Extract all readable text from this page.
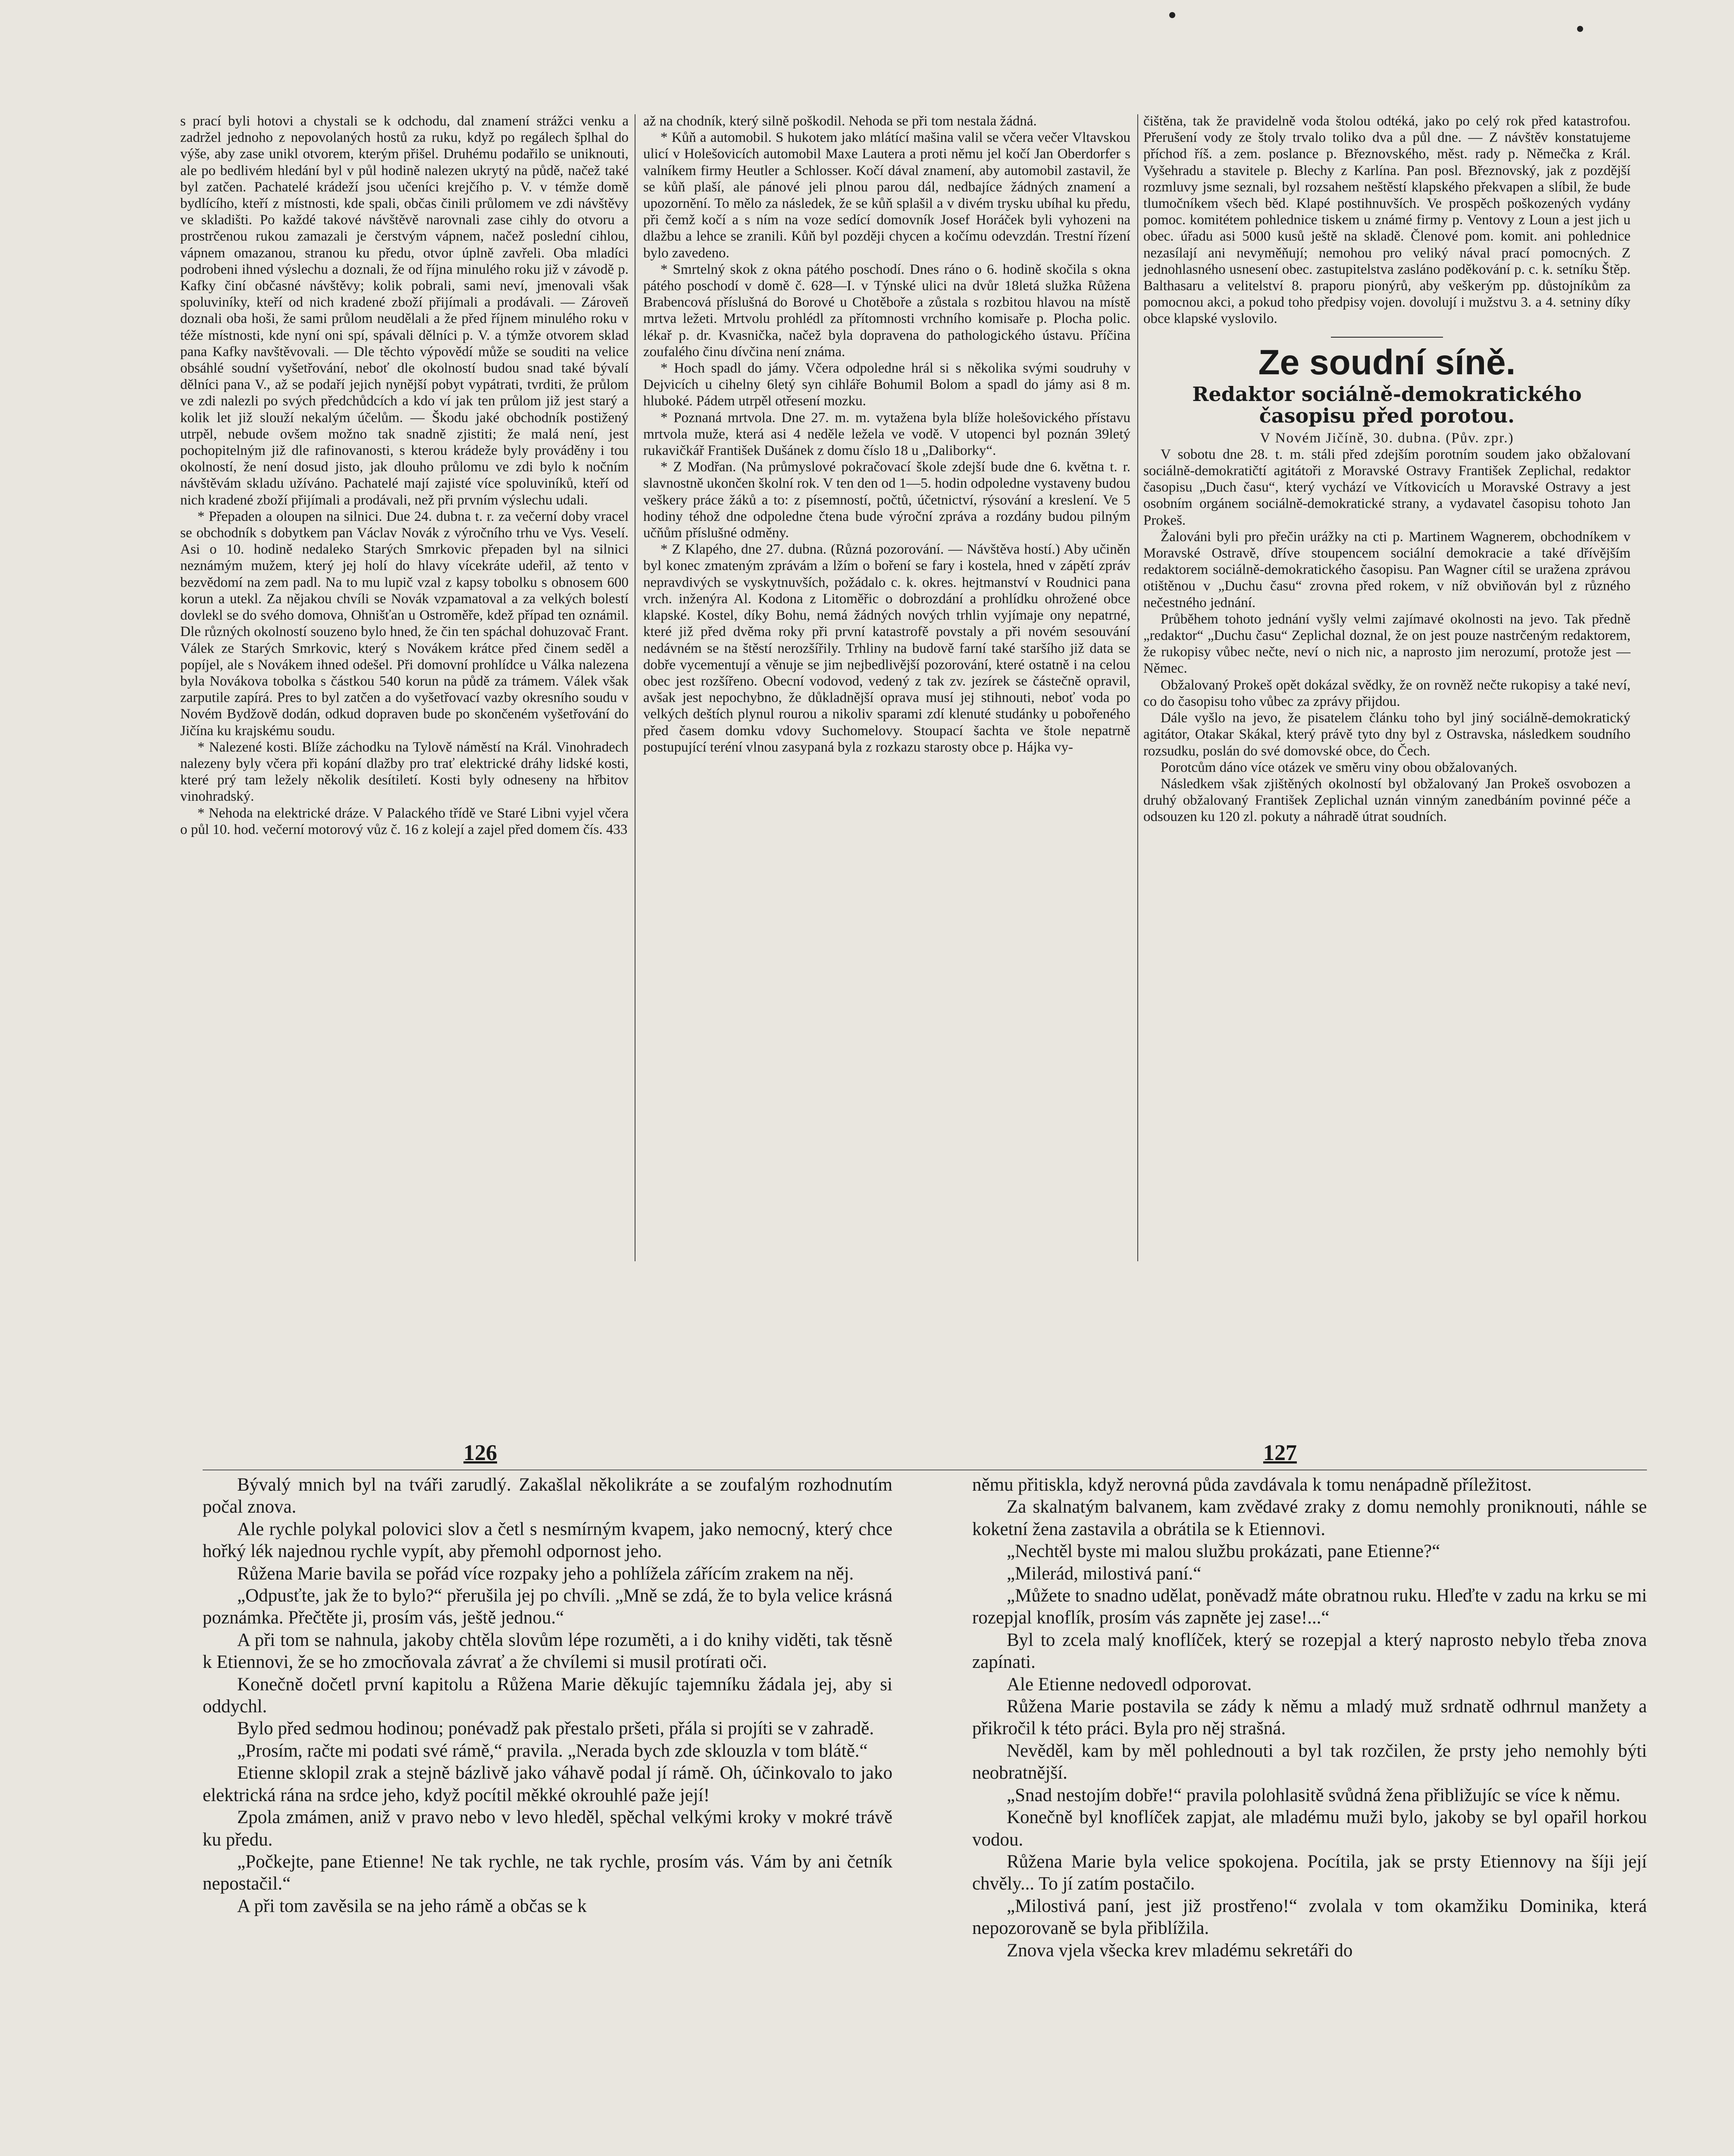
s prací byli hotovi a chystali se k odchodu, dal znamení strážci venku a zadržel jednoho z nepovolaných hostů za ruku, když po regálech šplhal do výše, aby zase unikl otvorem, kterým přišel. Druhému podařilo se uniknouti, ale po bedlivém hledání byl v půl hodině nalezen ukrytý na půdě, načež také byl zatčen. Pachatelé krádeží jsou učeníci krejčího p. V. v témže domě bydlícího, kteří z místnosti, kde spali, občas činili průlomem ve zdi návštěvy ve skladišti. Po každé takové návštěvě narovnali zase cihly do otvoru a prostrčenou rukou zamazali je čerstvým vápnem, načež poslední cihlou, vápnem omazanou, stranou ku předu, otvor úplně zavřeli. Oba mladíci podrobeni ihned výslechu a doznali, že od října minulého roku již v závodě p. Kafky činí občasné návštěvy; kolik pobrali, sami neví, jmenovali však spoluviníky, kteří od nich kradené zboží přijímali a prodávali. — Zároveň doznali oba hoši, že sami průlom neudělali a že před říjnem minulého roku v téže místnosti, kde nyní oni spí, spávali dělníci p. V. a týmže otvorem sklad pana Kafky navštěvovali. — Dle těchto výpovědí může se souditi na velice obsáhlé soudní vyšetřování, neboť dle okolností budou snad také bývalí dělníci pana V., až se podaří jejich nynější pobyt vypátrati, tvrditi, že průlom ve zdi nalezli po svých předchůdcích a kdo ví jak ten průlom již jest starý a kolik let již slouží nekalým účelům. — Škodu jaké obchodník postižený utrpěl, nebude ovšem možno tak snadně zjistiti; že malá není, jest pochopitelným již dle rafinovanosti, s kterou krádeže byly prováděny i tou okolností, že není dosud jisto, jak dlouho průlomu ve zdi bylo k nočním návštěvám skladu užíváno. Pachatelé mají zajisté více spoluviníků, kteří od nich kradené zboží přijímali a prodávali, než při prvním výslechu udali.

* Přepaden a oloupen na silnici. Due 24. dubna t. r. za večerní doby vracel se obchodník s dobytkem pan Václav Novák z výročního trhu ve Vys. Veselí. Asi o 10. hodině nedaleko Starých Smrkovic přepaden byl na silnici neznámým mužem, který jej holí do hlavy vícekráte udeřil, až tento v bezvědomí na zem padl. Na to mu lupič vzal z kapsy tobolku s obnosem 600 korun a utekl. Za nějakou chvíli se Novák vzpamatoval a za velkých bolestí dovlekl se do svého domova, Ohnišťan u Ostroměře, kdež případ ten oznámil. Dle různých okolností souzeno bylo hned, že čin ten spáchal dohuzovač Frant. Válek ze Starých Smrkovic, který s Novákem krátce před činem seděl a popíjel, ale s Novákem ihned odešel. Při domovní prohlídce u Válka nalezena byla Novákova tobolka s částkou 540 korun na půdě za trámem. Válek však zarputile zapírá. Pres to byl zatčen a do vyšetřovací vazby okresního soudu v Novém Bydžově dodán, odkud dopraven bude po skončeném vyšetřování do Jičína ku krajskému soudu.

* Nalezené kosti. Blíže záchodku na Tylově náměstí na Král. Vinohradech nalezeny byly včera při kopání dlažby pro trať elektrické dráhy lidské kosti, které prý tam ležely několik desítiletí. Kosti byly odneseny na hřbitov vinohradský.

* Nehoda na elektrické dráze. V Palackého třídě ve Staré Libni vyjel včera o půl 10. hod. večerní motorový vůz č. 16 z kolejí a zajel před domem čís. 433

až na chodník, který silně poškodil. Nehoda se při tom nestala žádná.

* Kůň a automobil. S hukotem jako mlátící mašina valil se včera večer Vltavskou ulicí v Holešovicích automobil Maxe Lautera a proti němu jel kočí Jan Oberdorfer s valníkem firmy Heutler a Schlosser. Kočí dával znamení, aby automobil zastavil, že se kůň plaší, ale pánové jeli plnou parou dál, nedbajíce žádných znamení a upozornění. To mělo za následek, že se kůň splašil a v divém trysku ubíhal ku předu, při čemž kočí a s ním na voze sedící domovník Josef Horáček byli vyhozeni na dlažbu a lehce se zranili. Kůň byl později chycen a kočímu odevzdán. Trestní řízení bylo zavedeno.

* Smrtelný skok z okna pátého poschodí. Dnes ráno o 6. hodině skočila s okna pátého poschodí v domě č. 628—I. v Týnské ulici na dvůr 18letá služka Růžena Brabencová příslušná do Borové u Chotěboře a zůstala s rozbitou hlavou na místě mrtva ležeti. Mrtvolu prohlédl za přítomnosti vrchního komisaře p. Plocha polic. lékař p. dr. Kvasnička, načež byla dopravena do pathologického ústavu. Příčina zoufalého činu dívčina není známa.

* Hoch spadl do jámy. Včera odpoledne hrál si s několika svými soudruhy v Dejvicích u cihelny 6letý syn cihláře Bohumil Bolom a spadl do jámy asi 8 m. hluboké. Pádem utrpěl otřesení mozku.

* Poznaná mrtvola. Dne 27. m. m. vytažena byla blíže holešovického přístavu mrtvola muže, která asi 4 neděle ležela ve vodě. V utopenci byl poznán 39letý rukavičkář František Dušánek z domu číslo 18 u „Daliborky“.

* Z Modřan. (Na průmyslové pokračovací škole zdejší bude dne 6. května t. r. slavnostně ukončen školní rok. V ten den od 1—5. hodin odpoledne vystaveny budou veškery práce žáků a to: z písemností, počtů, účetnictví, rýsování a kreslení. Ve 5 hodiny téhož dne odpoledne čtena bude výroční zpráva a rozdány budou pilným učňům příslušné odměny.

* Z Klapého, dne 27. dubna. (Různá pozorování. — Návštěva hostí.) Aby učiněn byl konec zmateným zprávám a lžím o boření se fary i kostela, hned v zápětí zpráv nepravdivých se vyskytnuvších, požádalo c. k. okres. hejtmanství v Roudnici pana vrch. inženýra Al. Kodona z Litoměřic o dobrozdání a prohlídku ohrožené obce klapské. Kostel, díky Bohu, nemá žádných nových trhlin vyjímaje ony nepatrné, které již před dvěma roky při první katastrofě povstaly a při novém sesouvání nedávném se na štěstí nerozšířily. Trhliny na budově farní také staršího již data se dobře vycementují a věnuje se jim nejbedlivější pozorování, které ostatně i na celou obec jest rozšířeno. Obecní vodovod, vedený z tak zv. jezírek se částečně opravil, avšak jest nepochybno, že důkladnější oprava musí jej stihnouti, neboť voda po velkých deštích plynul rourou a nikoliv sparami zdí klenuté studánky u pobořeného před časem domku vdovy Suchomelovy. Stoupací šachta ve štole nepatrně postupující teréní vlnou zasypaná byla z rozkazu starosty obce p. Hájka vy-

čištěna, tak že pravidelně voda štolou odtéká, jako po celý rok před katastrofou. Přerušení vody ze štoly trvalo toliko dva a půl dne. — Z návštěv konstatujeme příchod říš. a zem. poslance p. Březnovského, měst. rady p. Němečka z Král. Vyšehradu a stavitele p. Blechy z Karlína. Pan posl. Březnovský, jak z pozdější rozmluvy jsme seznali, byl rozsahem neštěstí klapského překvapen a slíbil, že bude tlumočníkem všech běd. Klapé postihnuvších. Ve prospěch poškozených vydány pomoc. komitétem pohlednice tiskem u známé firmy p. Ventovy z Loun a jest jich u obec. úřadu asi 5000 kusů ještě na skladě. Členové pom. komit. ani pohlednice nezasílají ani nevyměňují; nemohou pro veliký nával prací pomocných. Z jednohlasného usnesení obec. zastupitelstva zasláno poděkování p. c. k. setníku Štěp. Balthasaru a velitelství 8. praporu pionýrů, aby veškerým pp. důstojníkům za pomocnou akci, a pokud toho předpisy vojen. dovolují i mužstvu 3. a 4. setniny díky obce klapské vyslovilo.

Ze soudní síně.
Redaktor sociálně-demokratického časopisu před porotou.

V Novém Jičíně, 30. dubna. (Pův. zpr.)

V sobotu dne 28. t. m. stáli před zdejším porotním soudem jako obžalovaní sociálně-demokratičtí agitátoři z Moravské Ostravy František Zeplichal, redaktor časopisu „Duch času“, který vychází ve Vítkovicích u Moravské Ostravy a jest osobním orgánem sociálně-demokratické strany, a vydavatel časopisu tohoto Jan Prokeš.

Žalováni byli pro přečin urážky na cti p. Martinem Wagnerem, obchodníkem v Moravské Ostravě, dříve stoupencem sociální demokracie a také dřívějším redaktorem sociálně-demokratického časopisu. Pan Wagner cítil se uražena zprávou otištěnou v „Duchu času“ zrovna před rokem, v níž obviňován byl z různého nečestného jednání.

Průběhem tohoto jednání vyšly velmi zajímavé okolnosti na jevo. Tak předně „redaktor“ „Duchu času“ Zeplichal doznal, že on jest pouze nastrčeným redaktorem, že rukopisy vůbec nečte, neví o nich nic, a naprosto jim nerozumí, protože jest — Němec.

Obžalovaný Prokeš opět dokázal svědky, že on rovněž nečte rukopisy a také neví, co do časopisu toho vůbec za zprávy přijdou.

Dále vyšlo na jevo, že pisatelem článku toho byl jiný sociálně-demokratický agitátor, Otakar Skákal, který právě tyto dny byl z Ostravska, následkem soudního rozsudku, poslán do své domovské obce, do Čech.

Porotcům dáno více otázek ve směru viny obou obžalovaných.

Následkem však zjištěných okolností byl obžalovaný Jan Prokeš osvobozen a druhý obžalovaný František Zeplichal uznán vinným zanedbáním povinné péče a odsouzen ku 120 zl. pokuty a náhradě útrat soudních.

126	127

Bývalý mnich byl na tváři zarudlý. Zakašlal několikráte a se zoufalým rozhodnutím počal znova.

Ale rychle polykal polovici slov a četl s nesmírným kvapem, jako nemocný, který chce hořký lék najednou rychle vypít, aby přemohl odpornost jeho.

Růžena Marie bavila se pořád více rozpaky jeho a pohlížela zářícím zrakem na něj.

„Odpusťte, jak že to bylo?“ přerušila jej po chvíli. „Mně se zdá, že to byla velice krásná poznámka. Přečtěte ji, prosím vás, ještě jednou.“

A při tom se nahnula, jakoby chtěla slovům lépe rozuměti, a i do knihy viděti, tak těsně k Etiennovi, že se ho zmocňovala závrať a že chvílemi si musil protírati oči.

Konečně dočetl první kapitolu a Růžena Marie děkujíc tajemníku žádala jej, aby si oddychl.

Bylo před sedmou hodinou; ponévadž pak přestalo pršeti, přála si projíti se v zahradě.

„Prosím, račte mi podati své rámě,“ pravila. „Nerada bych zde sklouzla v tom blátě.“

Etienne sklopil zrak a stejně bázlivě jako váhavě podal jí rámě. Oh, účinkovalo to jako elektrická rána na srdce jeho, když pocítil měkké okrouhlé paže její!

Zpola zmámen, aniž v pravo nebo v levo hleděl, spěchal velkými kroky v mokré trávě ku předu.

„Počkejte, pane Etienne! Ne tak rychle, ne tak rychle, prosím vás. Vám by ani četník nepostačil.“

A při tom zavěsila se na jeho rámě a občas se k

němu přitiskla, když nerovná půda zavdávala k tomu nenápadně příležitost.

Za skalnatým balvanem, kam zvědavé zraky z domu nemohly proniknouti, náhle se koketní žena zastavila a obrátila se k Etiennovi.

„Nechtěl byste mi malou službu prokázati, pane Etienne?“

„Milerád, milostivá paní.“

„Můžete to snadno udělat, poněvadž máte obratnou ruku. Hleďte v zadu na krku se mi rozepjal knoflík, prosím vás zapněte jej zase!...“

Byl to zcela malý knoflíček, který se rozepjal a který naprosto nebylo třeba znova zapínati.

Ale Etienne nedovedl odporovat.

Růžena Marie postavila se zády k němu a mladý muž srdnatě odhrnul manžety a přikročil k této práci. Byla pro něj strašná.

Nevěděl, kam by měl pohlednouti a byl tak rozčilen, že prsty jeho nemohly býti neobratnější.

„Snad nestojím dobře!“ pravila polohlasitě svůdná žena přibližujíc se více k němu.

Konečně byl knoflíček zapjat, ale mladému muži bylo, jakoby se byl opařil horkou vodou.

Růžena Marie byla velice spokojena. Pocítila, jak se prsty Etiennovy na šíji její chvěly... To jí zatím postačilo.

„Milostivá paní, jest již prostřeno!“ zvolala v tom okamžiku Dominika, která nepozorovaně se byla přiblížila.

Znova vjela všecka krev mladému sekretáři do
